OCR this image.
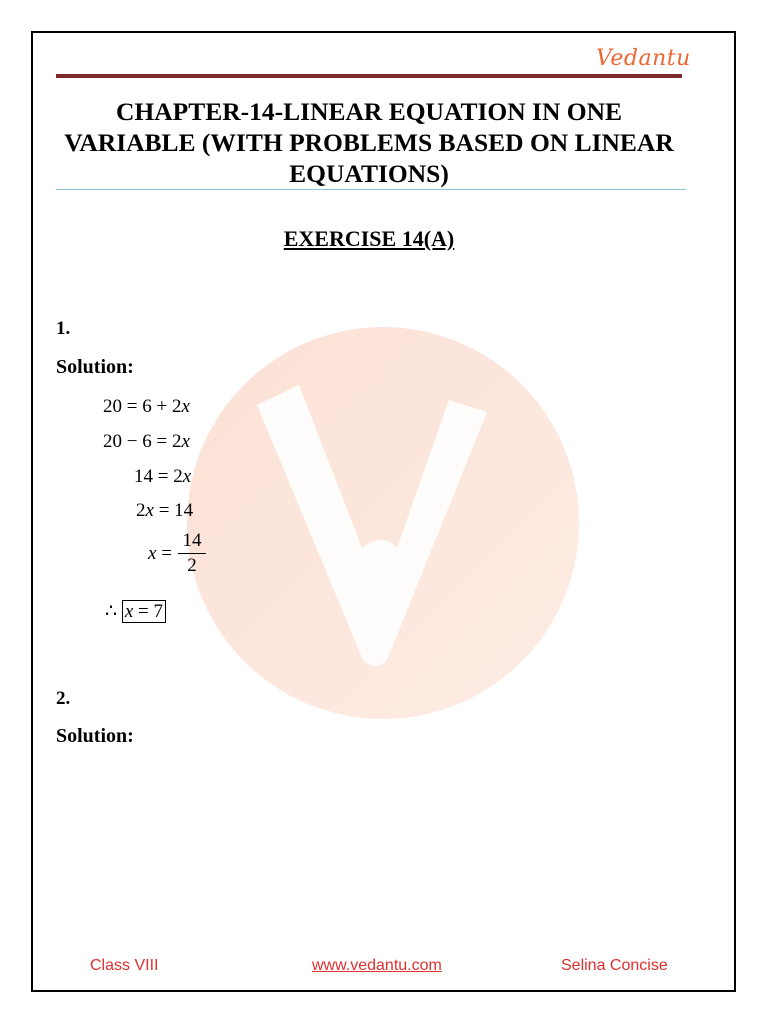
Vedantu
CHAPTER-14-LINEAR EQUATION IN ONE
VARIABLE (WITH PROBLEMS BASED ON LINEAR
EQUATIONS)
EXERCISE 14(A)
1.
Solution:
20 = 6 + 2x
20 − 6 = 2x
14 = 2x
2x = 14
x =
14
2
∴ x = 7
2.
Solution:
Class VIII	www.vedantu.com	Selina Concise
